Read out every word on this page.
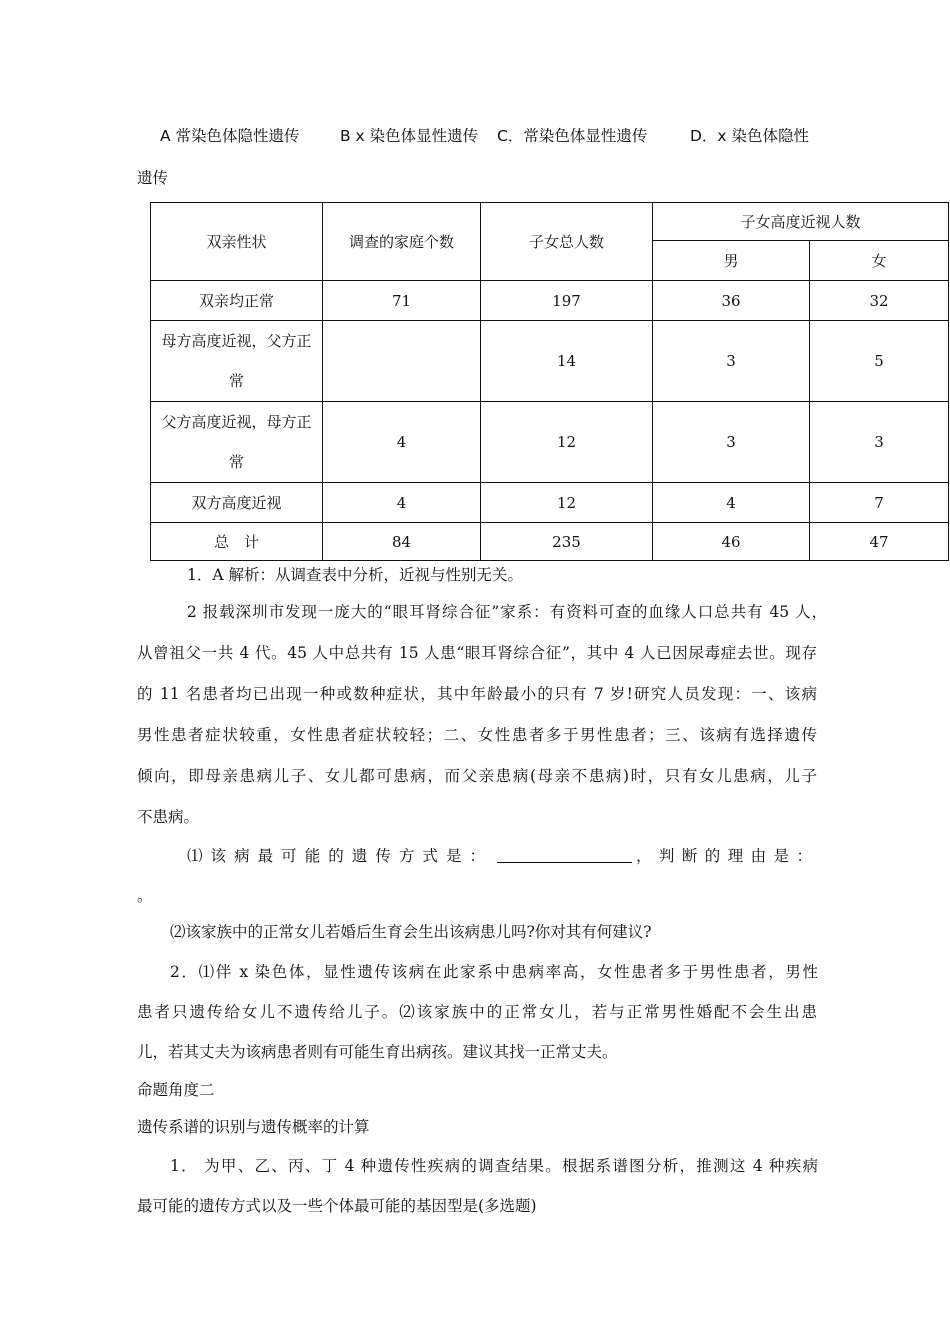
A 常染色体隐性遗传	B x 染色体显性遗传 C．常染色体显性遗传	D．x 染色体隐性
遗传
双亲性状	调查的家庭个数	子女总人数	子女高度近视人数	
			男	女
双亲均正常	71	197	36	32

母方高度近视，父方正
常		14	3	5

父方高度近视，母方正
常	4	12	3	3
双方高度近视	4	12	4	7
总　计	84	235	46	47
1．A 解析：从调查表中分析，近视与性别无关。
2 报载深圳市发现一庞大的“眼耳肾综合征”家系：有资料可查的血缘人口总共有 45 人，
从曾祖父一共 4 代。45 人中总共有 15 人患“眼耳肾综合征”，其中 4 人已因尿毒症去世。现存
的 11 名患者均已出现一种或数种症状，其中年龄最小的只有 7 岁!研究人员发现：一、该病
男性患者症状较重，女性患者症状较轻；二、女性患者多于男性患者；三、该病有选择遗传
倾向，即母亲患病儿子、女儿都可患病，而父亲患病(母亲不患病)时，只有女儿患病，儿子
不患病。
⑴ 该 病 最 可 能 的 遗 传 方 式 是 ：	， 判 断 的 理 由 是 ：
。
⑵该家族中的正常女儿若婚后生育会生出该病患儿吗?你对其有何建议?
2．⑴伴 x 染色体，显性遗传该病在此家系中患病率高，女性患者多于男性患者，男性
患者只遗传给女儿不遗传给儿子。⑵该家族中的正常女儿，若与正常男性婚配不会生出患
儿，若其丈夫为该病患者则有可能生育出病孩。建议其找一正常丈夫。
命题角度二
遗传系谱的识别与遗传概率的计算
1． 为甲、乙、丙、丁 4 种遗传性疾病的调查结果。根据系谱图分析，推测这 4 种疾病
最可能的遗传方式以及一些个体最可能的基因型是(多选题)
